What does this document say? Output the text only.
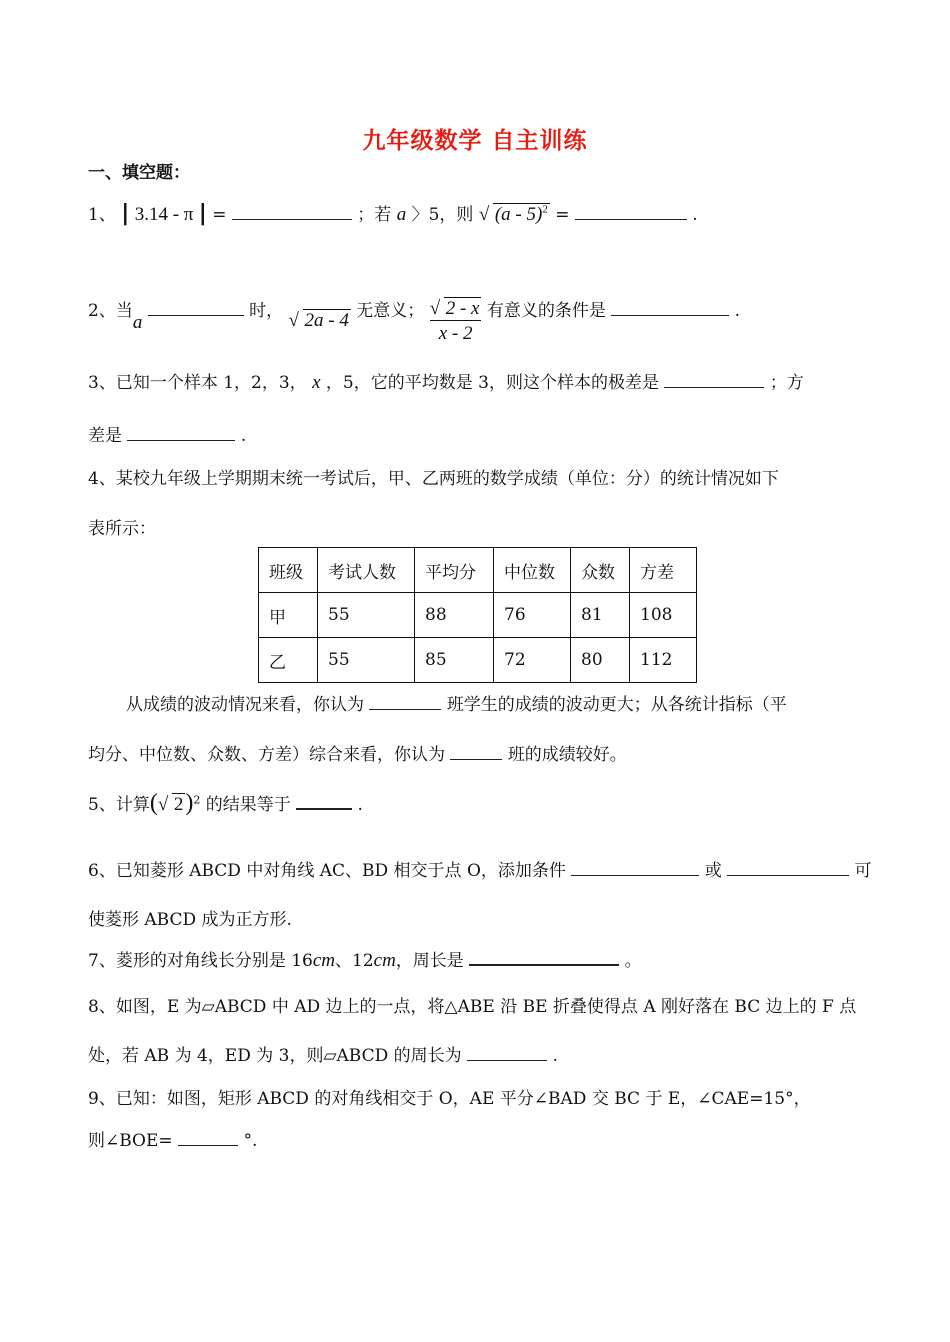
九年级数学 自主训练
一、填空题：
1、 | 3.14 - π | =	；若 a 〉5，则 √ (a - 5)$^2$ =	.
2、当a  时， √ 2a - 4 无意义； $\frac{√ 2 - x}{x - 2}$ 有意义的条件是	.
3、已知一个样本 1，2，3， x ，5，它的平均数是 3，则这个样本的极差是	；方
差是	.
4、某校九年级上学期期末统一考试后，甲、乙两班的数学成绩（单位：分）的统计情况如下
表所示：
班级	考试人数	平均分	中位数	众数	方差
甲	55	88	76	81	108
乙	55	85	72	80	112
从成绩的波动情况来看，你认为	班学生的成绩的波动更大；从各统计指标（平
均分、中位数、众数、方差）综合来看，你认为	班的成绩较好。
5、计算( √ 2)$^2$ 的结果等于	.
6、已知菱形 ABCD 中对角线 AC、BD 相交于点 O，添加条件	或	可
使菱形 ABCD 成为正方形.
7、菱形的对角线长分别是 16cm、12cm，周长是	。
8、如图，E 为▱ABCD 中 AD 边上的一点，将△ABE 沿 BE 折叠使得点 A 刚好落在 BC 边上的 F 点
处，若 AB 为 4，ED 为 3，则▱ABCD 的周长为	.
9、已知：如图，矩形 ABCD 的对角线相交于 O，AE 平分∠BAD 交 BC 于 E，∠CAE=15°，
则∠BOE=	°.
